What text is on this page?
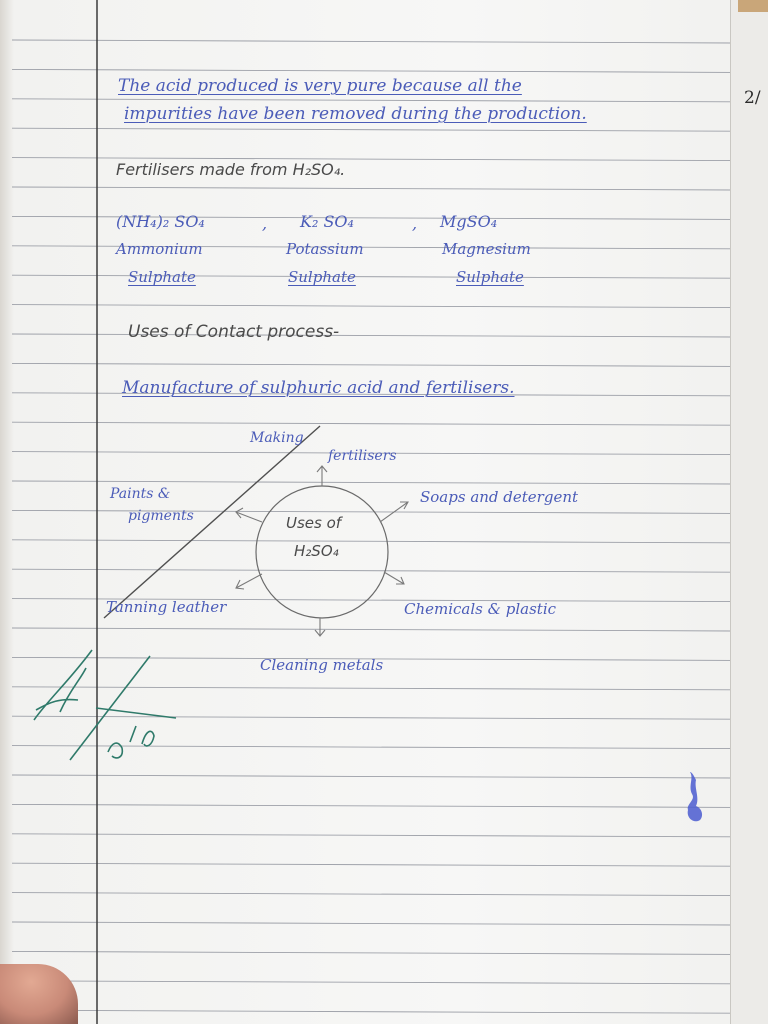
2/
The acid produced is very pure because all the
impurities have been removed during the production.
Fertilisers made from H₂SO₄.
(NH₄)₂ SO₄	, K₂ SO₄	, MgSO₄
Ammonium	Potassium	Magnesium
Sulphate	Sulphate	Sulphate
Uses of Contact process-
Manufacture of sulphuric acid and fertilisers.
Uses of
H₂SO₄
Making
fertilisers
Soaps and detergent
Paints &
pigments
Chemicals & plastic
Tanning leather
Cleaning metals
